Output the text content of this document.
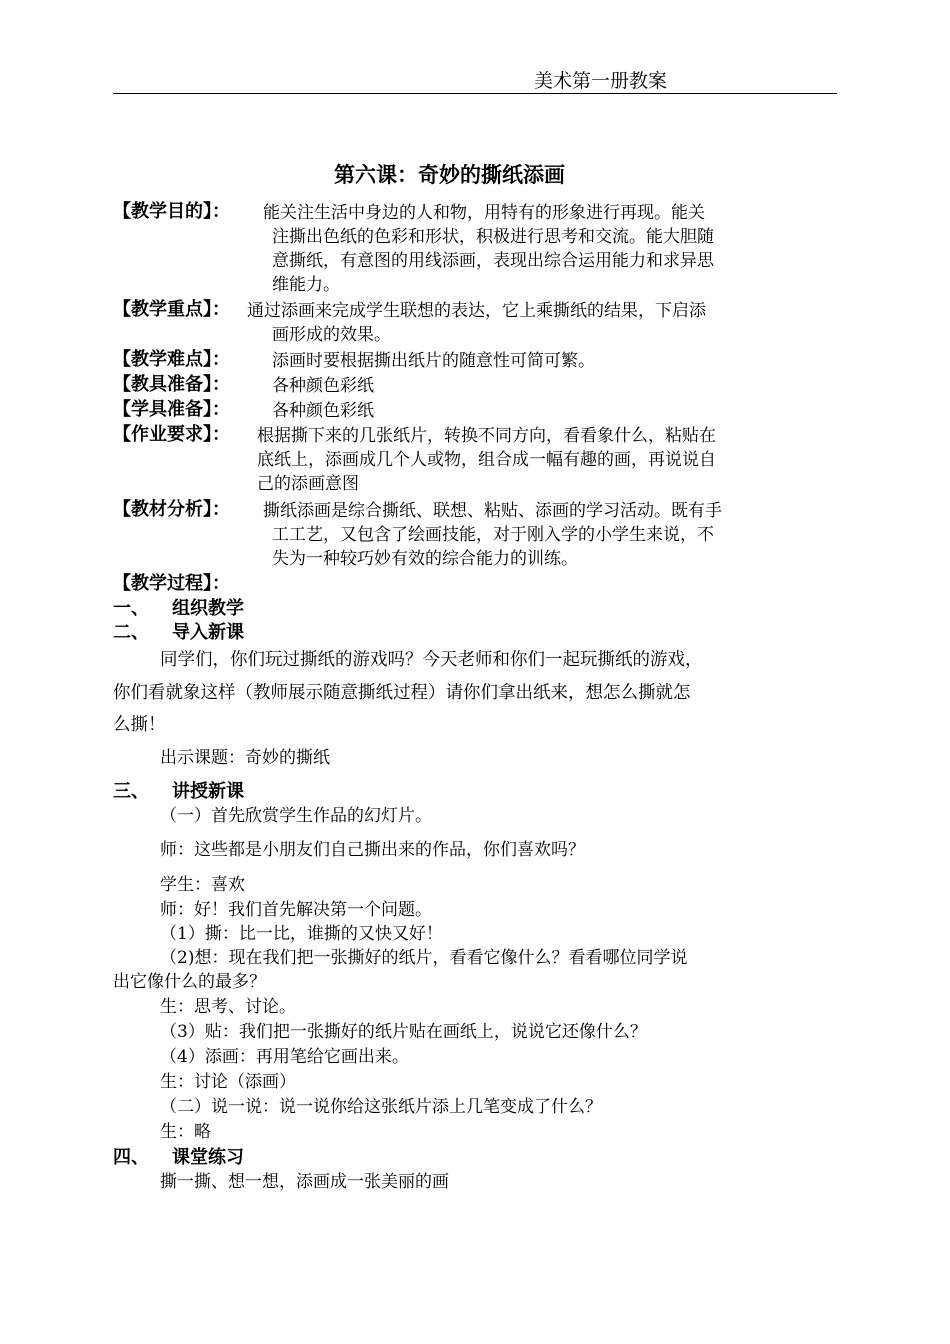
美术第一册教案
第六课：奇妙的撕纸添画
【教学目的】： 能关注生活中身边的人和物，用特有的形象进行再现。能关
注撕出色纸的色彩和形状，积极进行思考和交流。能大胆随
意撕纸，有意图的用线添画，表现出综合运用能力和求异思
维能力。
【教学重点】： 通过添画来完成学生联想的表达，它上乘撕纸的结果，下启添
画形成的效果。
【教学难点】： 添画时要根据撕出纸片的随意性可简可繁。
【教具准备】： 各种颜色彩纸
【学具准备】： 各种颜色彩纸
【作业要求】： 根据撕下来的几张纸片，转换不同方向，看看象什么，粘贴在
底纸上，添画成几个人或物，组合成一幅有趣的画，再说说自
己的添画意图
【教材分析】： 撕纸添画是综合撕纸、联想、粘贴、添画的学习活动。既有手
工工艺，又包含了绘画技能，对于刚入学的小学生来说，不
失为一种较巧妙有效的综合能力的训练。
【教学过程】：
一、 组织教学
二、 导入新课
同学们，你们玩过撕纸的游戏吗？今天老师和你们一起玩撕纸的游戏，
你们看就象这样（教师展示随意撕纸过程）请你们拿出纸来，想怎么撕就怎
么撕！
出示课题：奇妙的撕纸
三、 讲授新课
（一）首先欣赏学生作品的幻灯片。
师：这些都是小朋友们自己撕出来的作品，你们喜欢吗？
学生：喜欢
师：好！我们首先解决第一个问题。
（1）撕：比一比，谁撕的又快又好！
（2)想：现在我们把一张撕好的纸片，看看它像什么？看看哪位同学说
出它像什么的最多？
生：思考、讨论。
（3）贴：我们把一张撕好的纸片贴在画纸上，说说它还像什么？
（4）添画：再用笔给它画出来。
生：讨论（添画）
（二）说一说：说一说你给这张纸片添上几笔变成了什么？
生：略
四、 课堂练习
撕一撕、想一想，添画成一张美丽的画
